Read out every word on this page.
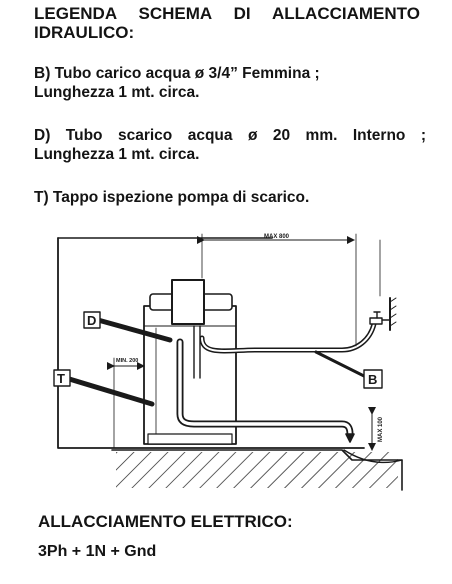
LEGENDA SCHEMA DI ALLACCIAMENTO
IDRAULICO:
B) Tubo carico acqua ø 3/4” Femmina ;
Lunghezza 1 mt. circa.
D) Tubo scarico acqua ø 20 mm. Interno ;
Lunghezza 1 mt. circa.
T) Tappo ispezione pompa di scarico.
MAX 800
MAX 100
MIN. 200
D
T	B
ALLACCIAMENTO ELETTRICO:
3Ph + 1N + Gnd
